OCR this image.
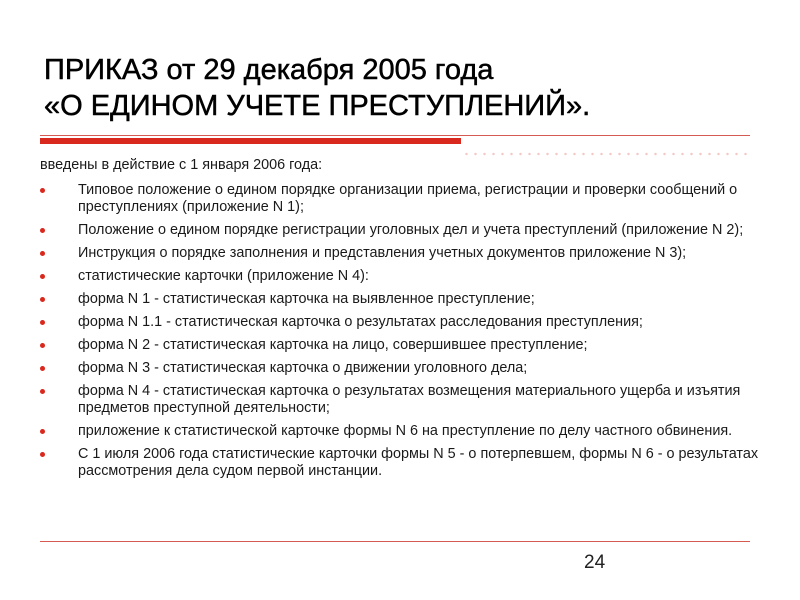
ПРИКАЗ от 29 декабря 2005 года
«О ЕДИНОМ УЧЕТЕ ПРЕСТУПЛЕНИЙ».

введены в действие с 1 января 2006 года:

Типовое положение о едином порядке организации приема, регистрации и проверки сообщений о преступлениях (приложение N 1);
Положение о едином порядке регистрации уголовных дел и учета преступлений (приложение N 2);
Инструкция о порядке заполнения и представления учетных документов приложение N 3);
статистические карточки (приложение N 4):
форма N 1 - статистическая карточка на выявленное преступление;
форма N 1.1 - статистическая карточка о результатах расследования преступления;
форма N 2 - статистическая карточка на лицо, совершившее преступление;
форма N 3 - статистическая карточка о движении уголовного дела;
форма N 4 - статистическая карточка о результатах возмещения материального ущерба и изъятия предметов преступной деятельности;
приложение к статистической карточке формы N 6 на преступление по делу частного обвинения.
С 1 июля 2006 года статистические карточки формы N 5 - о потерпевшем, формы N 6 - о результатах рассмотрения дела судом первой инстанции.
24
